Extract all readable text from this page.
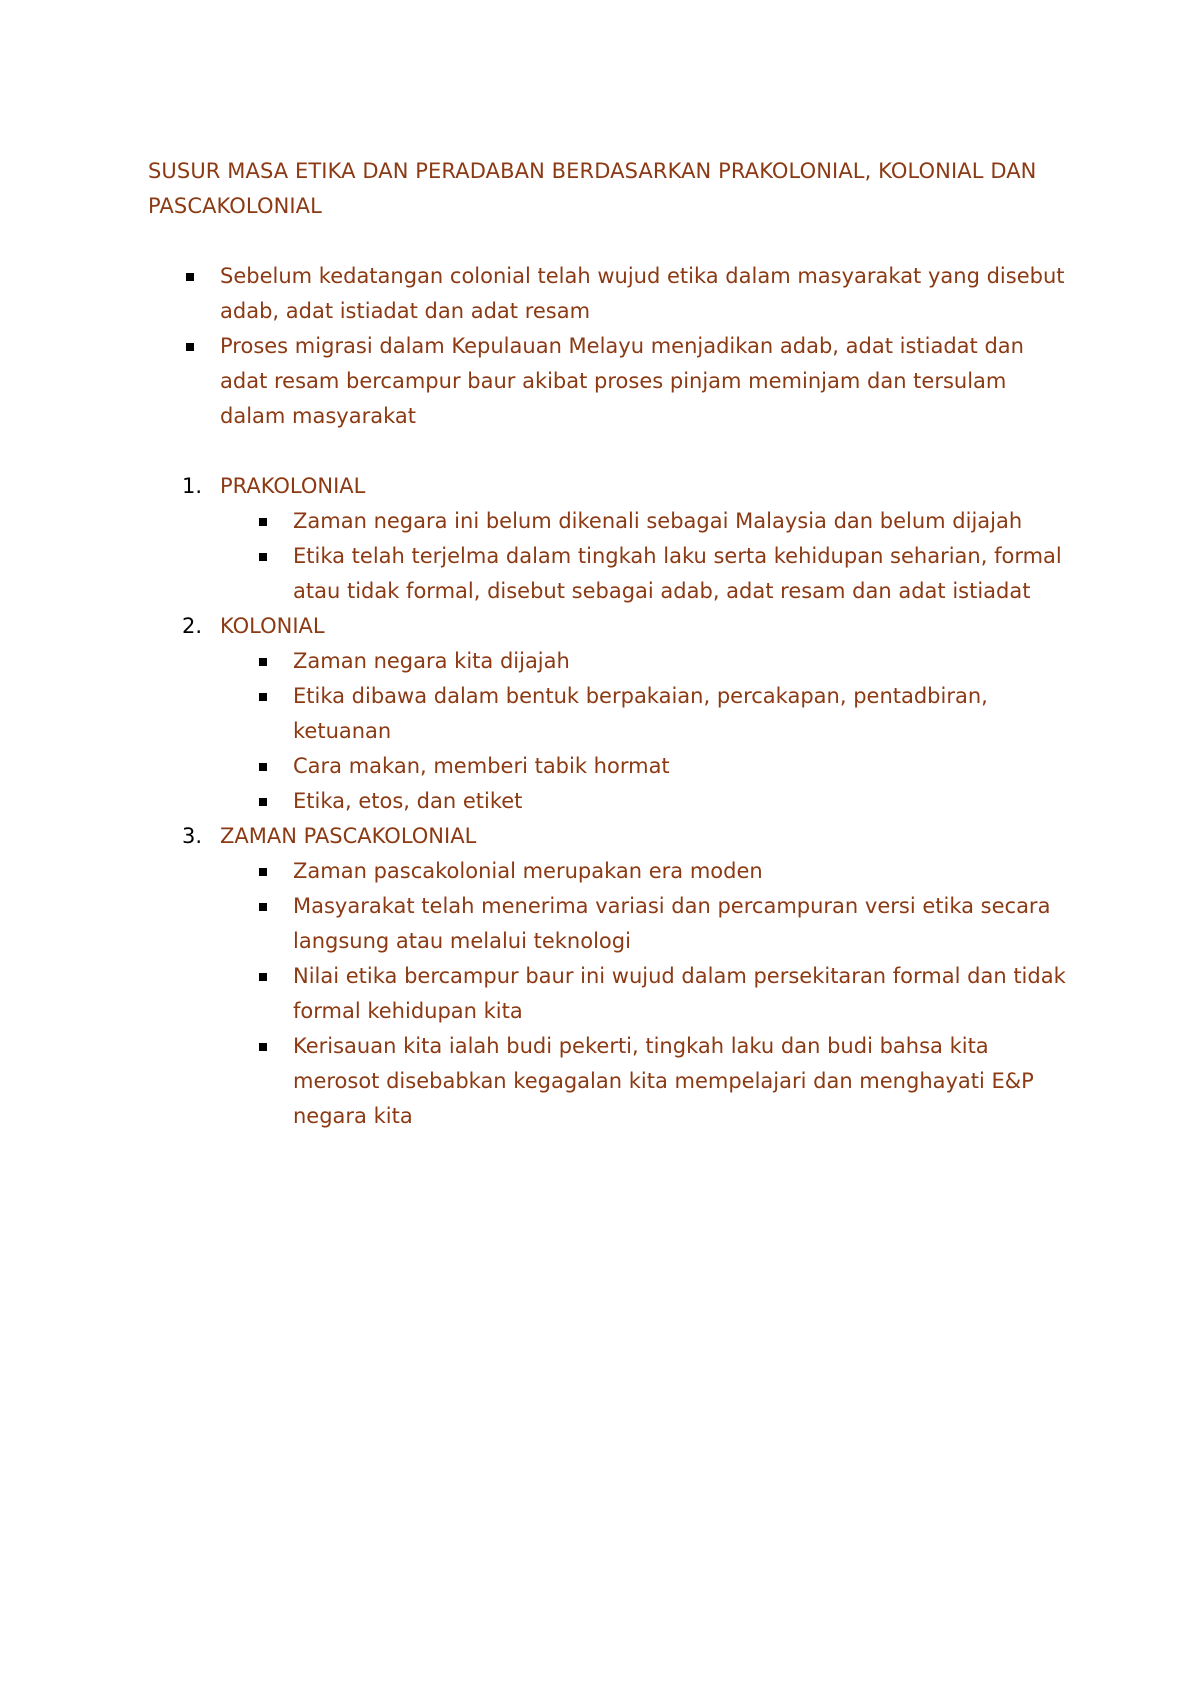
SUSUR MASA ETIKA DAN PERADABAN BERDASARKAN PRAKOLONIAL, KOLONIAL DAN PASCAKOLONIAL
Sebelum kedatangan colonial telah wujud etika dalam masyarakat yang disebut adab, adat istiadat dan adat resam
Proses migrasi dalam Kepulauan Melayu menjadikan adab, adat istiadat dan adat resam bercampur baur akibat proses pinjam meminjam dan tersulam dalam masyarakat
1. PRAKOLONIAL
Zaman negara ini belum dikenali sebagai Malaysia dan belum dijajah
Etika telah terjelma dalam tingkah laku serta kehidupan seharian, formal atau tidak formal, disebut sebagai adab, adat resam dan adat istiadat
2. KOLONIAL
Zaman negara kita dijajah
Etika dibawa dalam bentuk berpakaian, percakapan, pentadbiran, ketuanan
Cara makan, memberi tabik hormat
Etika, etos, dan etiket
3. ZAMAN PASCAKOLONIAL
Zaman pascakolonial merupakan era moden
Masyarakat telah menerima variasi dan percampuran versi etika secara langsung atau melalui teknologi
Nilai etika bercampur baur ini wujud dalam persekitaran formal dan tidak formal kehidupan kita
Kerisauan kita ialah budi pekerti, tingkah laku dan budi bahsa kita merosot disebabkan kegagalan kita mempelajari dan menghayati E&P negara kita
